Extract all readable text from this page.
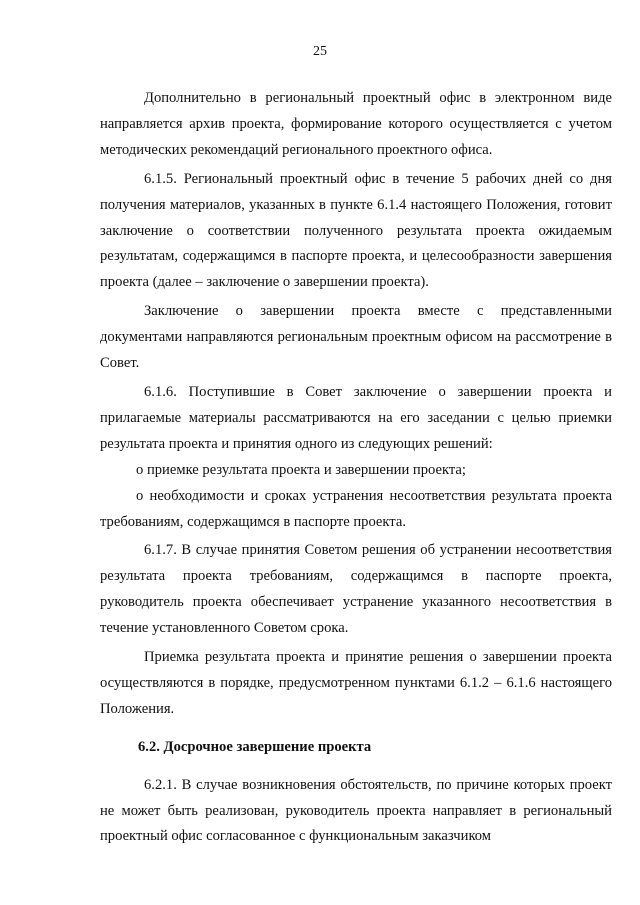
25

Дополнительно в региональный проектный офис в электронном виде направляется архив проекта, формирование которого осуществляется с учетом методических рекомендаций регионального проектного офиса.

6.1.5. Региональный проектный офис в течение 5 рабочих дней со дня получения материалов, указанных в пункте 6.1.4 настоящего Положения, готовит заключение о соответствии полученного результата проекта ожидаемым результатам, содержащимся в паспорте проекта, и целесообразности завершения проекта (далее – заключение о завершении проекта).

Заключение о завершении проекта вместе с представленными документами направляются региональным проектным офисом на рассмотрение в Совет.

6.1.6. Поступившие в Совет заключение о завершении проекта и прилагаемые материалы рассматриваются на его заседании с целью приемки результата проекта и принятия одного из следующих решений:

о приемке результата проекта и завершении проекта;

о необходимости и сроках устранения несоответствия результата проекта требованиям, содержащимся в паспорте проекта.

6.1.7. В случае принятия Советом решения об устранении несоответствия результата проекта требованиям, содержащимся в паспорте проекта, руководитель проекта обеспечивает устранение указанного несоответствия в течение установленного Советом срока.

Приемка результата проекта и принятие решения о завершении проекта осуществляются в порядке, предусмотренном пунктами 6.1.2 – 6.1.6 настоящего Положения.

6.2. Досрочное завершение проекта

6.2.1. В случае возникновения обстоятельств, по причине которых проект не может быть реализован, руководитель проекта направляет в региональный проектный офис согласованное с функциональным заказчиком
